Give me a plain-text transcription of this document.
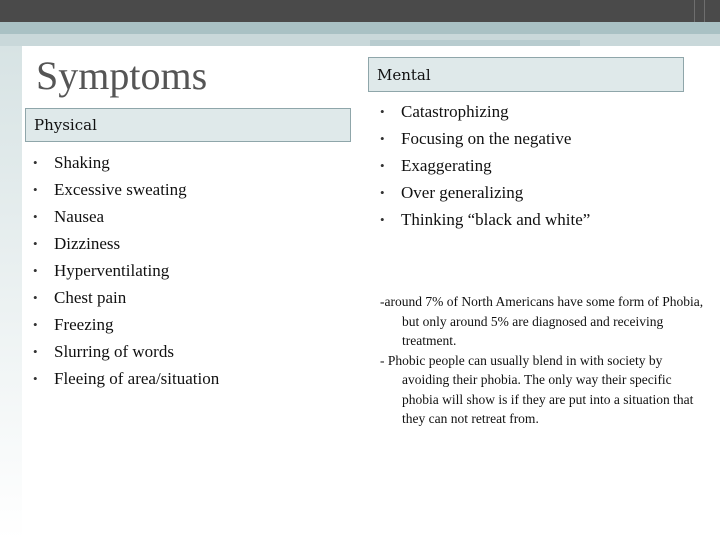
Symptoms
Physical
• Shaking
• Excessive sweating
• Nausea
• Dizziness
• Hyperventilating
• Chest pain
• Freezing
• Slurring of words
• Fleeing of area/situation
Mental
• Catastrophizing
• Focusing on the negative
• Exaggerating
• Over generalizing
• Thinking “black and white”

-around 7% of North Americans have some form of Phobia, but only around 5% are diagnosed and receiving treatment.

- Phobic people can usually blend in with society by avoiding their phobia. The only way their specific phobia will show is if they are put into a situation that they can not retreat from.
